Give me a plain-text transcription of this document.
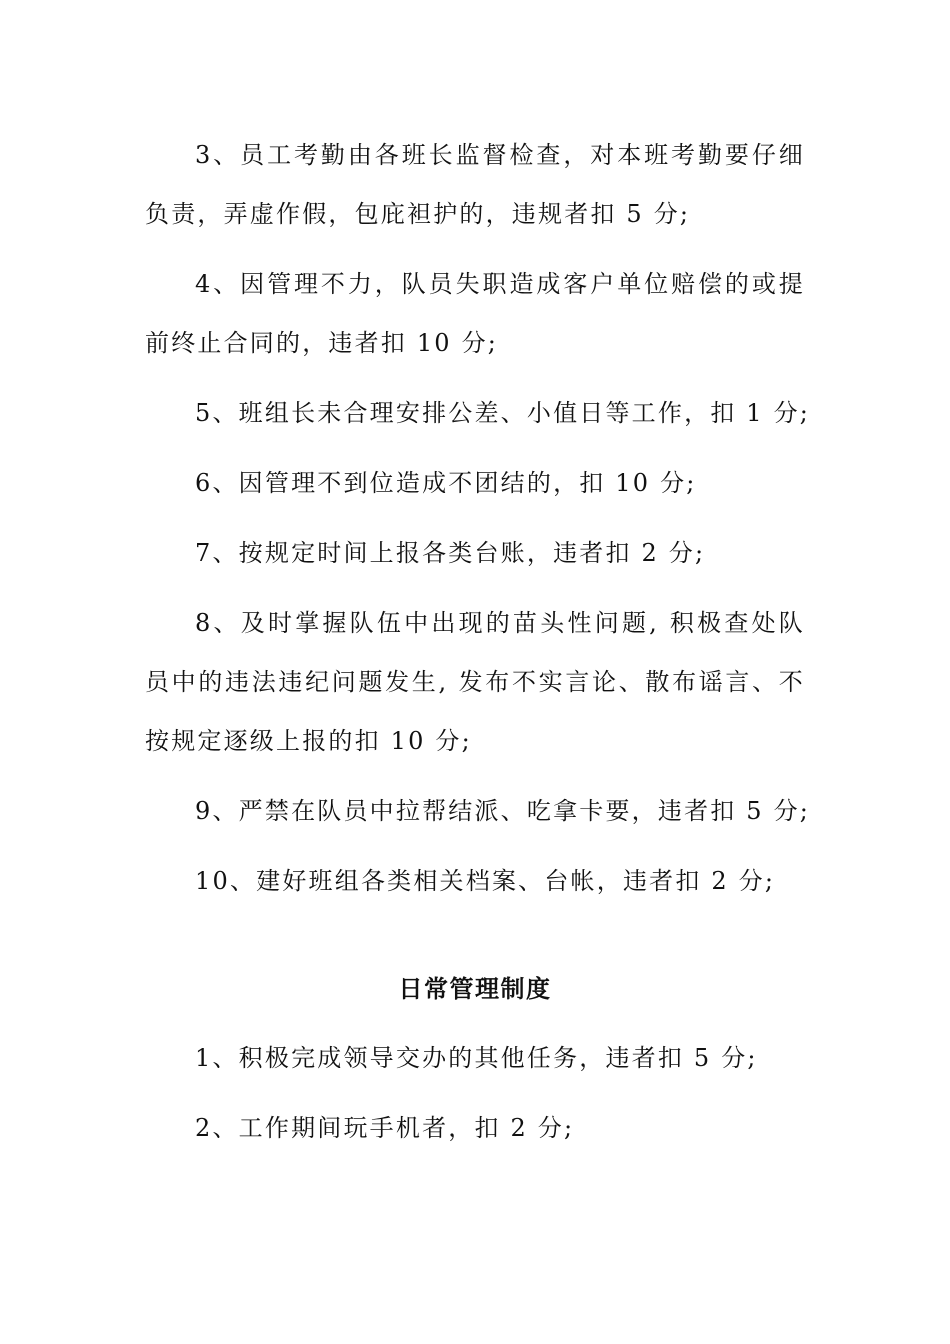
3、员工考勤由各班长监督检查，对本班考勤要仔细负责，弄虚作假，包庇袒护的，违规者扣 5 分;

4、因管理不力，队员失职造成客户单位赔偿的或提前终止合同的，违者扣 10 分;

5、班组长未合理安排公差、小值日等工作，扣 1 分;

6、因管理不到位造成不团结的，扣 10 分;

7、按规定时间上报各类台账，违者扣 2 分;

8、及时掌握队伍中出现的苗头性问题, 积极查处队员中的违法违纪问题发生, 发布不实言论、散布谣言、不按规定逐级上报的扣 10 分;

9、严禁在队员中拉帮结派、吃拿卡要，违者扣 5 分;

10、建好班组各类相关档案、台帐，违者扣 2 分;

日常管理制度

1、积极完成领导交办的其他任务，违者扣 5 分;

2、工作期间玩手机者，扣 2 分;
